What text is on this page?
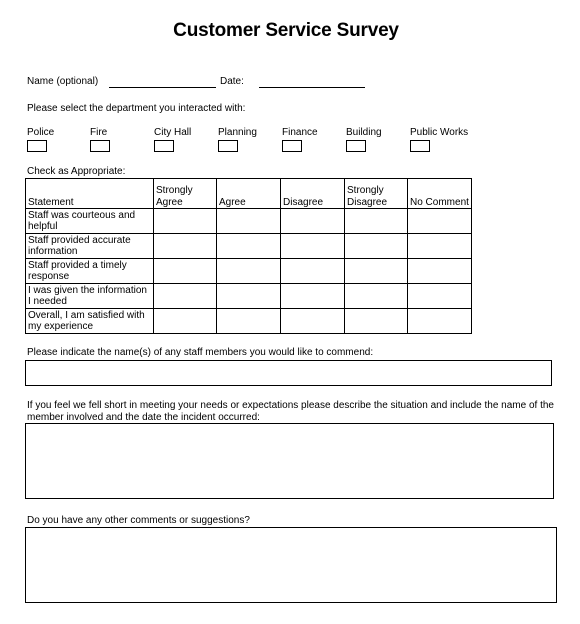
Customer Service Survey
Name (optional)	Date:
Please select the department you interacted with:
Police	Fire	City Hall	Planning	Finance	Building	Public Works
Check as Appropriate:
Statement	Strongly Agree	Agree	Disagree	Strongly Disagree	No Comment
Staff was courteous and helpful					
Staff provided accurate information					
Staff provided a timely response					
I was given the information I needed					
Overall, I am satisfied with my experience					
Please indicate the name(s) of any staff members you would like to commend:
If you feel we fell short in meeting your needs or expectations please describe the situation and include the name of the member involved and the date the incident occurred:
Do you have any other comments or suggestions?
